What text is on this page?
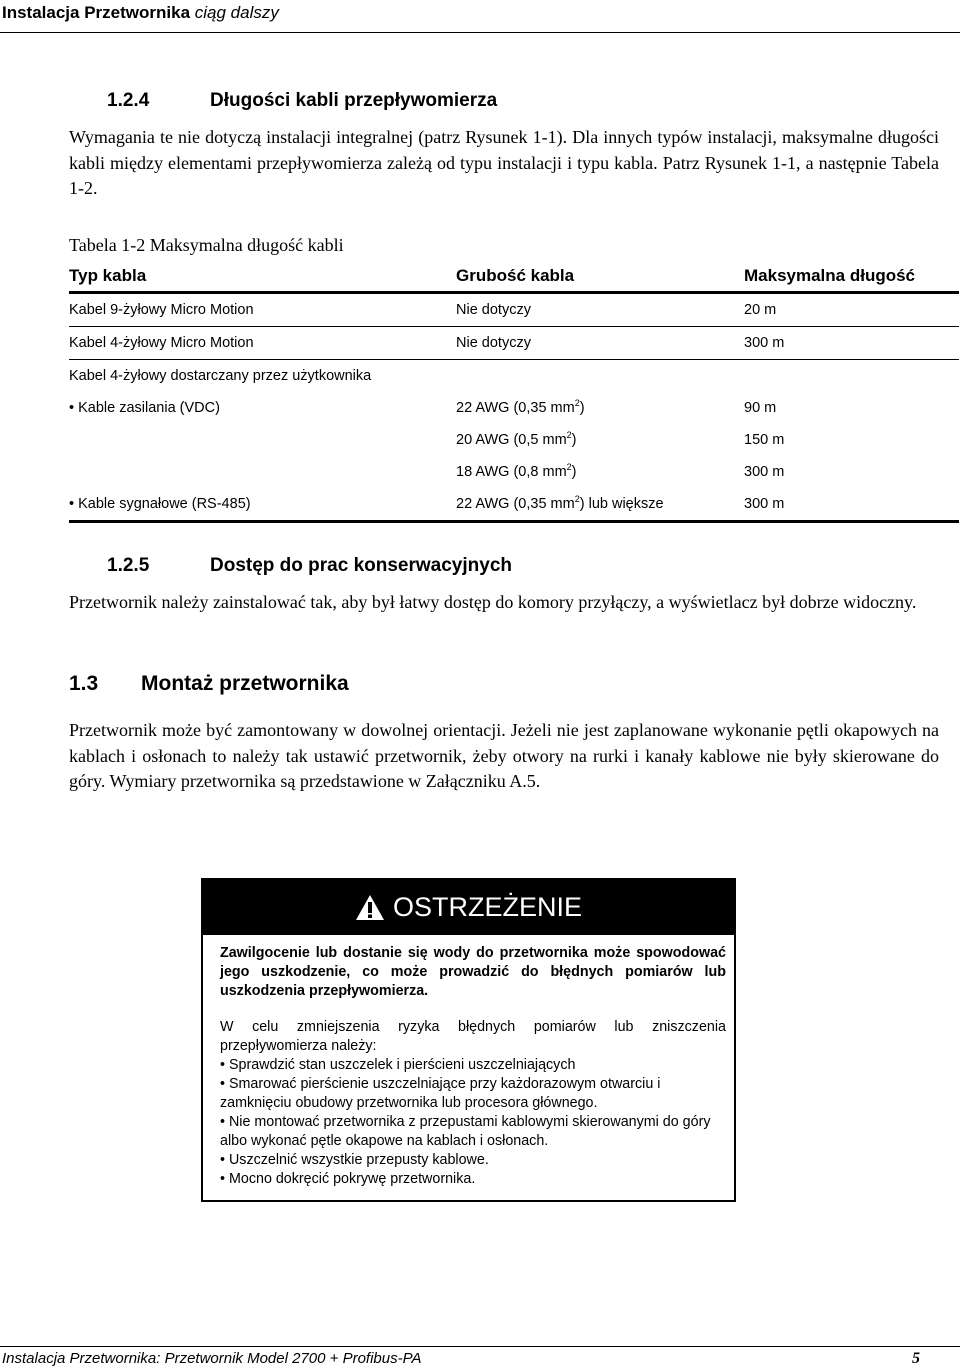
Instalacja Przetwornika ciąg dalszy
1.2.4	Długości kabli przepływomierza
Wymagania te nie dotyczą instalacji integralnej (patrz Rysunek 1-1). Dla innych typów instalacji, maksymalne długości kabli między elementami przepływomierza zależą od typu instalacji i typu kabla. Patrz Rysunek 1-1, a następnie Tabela 1-2.
Tabela 1-2 Maksymalna długość kabli
Typ kabla	Grubość kabla	Maksymalna długość
Kabel 9-żyłowy Micro Motion	Nie dotyczy	20 m
Kabel 4-żyłowy Micro Motion	Nie dotyczy	300 m
Kabel 4-żyłowy dostarczany przez użytkownika		
• Kable zasilania (VDC)	22 AWG (0,35 $mm^2$)	90 m
	20 AWG (0,5 $mm^2$)	150 m
	18 AWG (0,8 $mm^2$)	300 m
• Kable sygnałowe (RS-485)	22 AWG (0,35 $mm^2$) lub większe	300 m
1.2.5	Dostęp do prac konserwacyjnych
Przetwornik należy zainstalować tak, aby był łatwy dostęp do komory przyłączy, a wyświetlacz był dobrze widoczny.
1.3 Montaż przetwornika
Przetwornik może być zamontowany w dowolnej orientacji. Jeżeli nie jest zaplanowane wykonanie pętli okapowych na kablach i osłonach to należy tak ustawić przetwornik, żeby otwory na rurki i kanały kablowe nie były skierowane do góry. Wymiary przetwornika są przedstawione w Załączniku A.5.
OSTRZEŻENIE
Zawilgocenie lub dostanie się wody do przetwornika może spowodować jego uszkodzenie, co może prowadzić do błędnych pomiarów lub uszkodzenia przepływomierza.
W celu zmniejszenia ryzyka błędnych pomiarów lub zniszczenia przepływomierza należy:
• Sprawdzić stan uszczelek i pierścieni uszczelniających
• Smarować pierścienie uszczelniające przy każdorazowym otwarciu i zamknięciu obudowy przetwornika lub procesora głównego.
• Nie montować przetwornika z przepustami kablowymi skierowanymi do góry albo wykonać pętle okapowe na kablach i osłonach.
• Uszczelnić wszystkie przepusty kablowe.
• Mocno dokręcić pokrywę przetwornika.
Instalacja Przetwornika: Przetwornik Model 2700 + Profibus-PA	5
